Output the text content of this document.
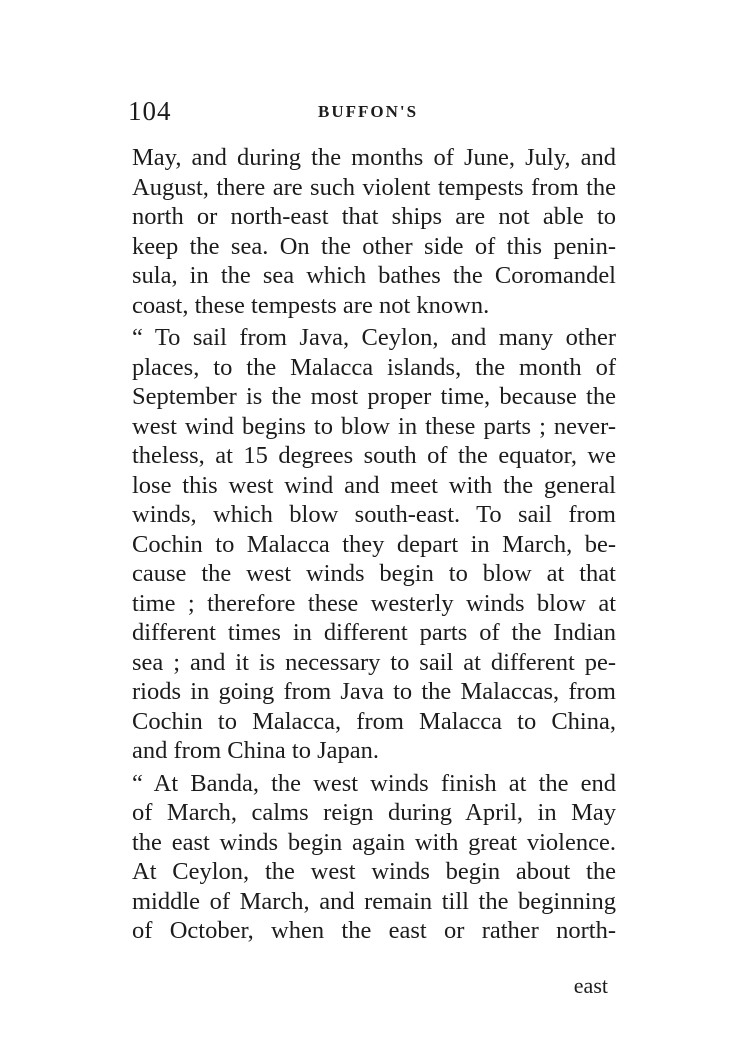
104	BUFFON'S
May, and during the months of June, July, and
August, there are such violent tempests from the
north or north-east that ships are not able to
keep the sea. On the other side of this penin-
sula, in the sea which bathes the Coromandel
coast, these tempests are not known.
“ To sail from Java, Ceylon, and many other
places, to the Malacca islands, the month of
September is the most proper time, because the
west wind begins to blow in these parts ; never-
theless, at 15 degrees south of the equator, we
lose this west wind and meet with the general
winds, which blow south-east. To sail from
Cochin to Malacca they depart in March, be-
cause the west winds begin to blow at that
time ; therefore these westerly winds blow at
different times in different parts of the Indian
sea ; and it is necessary to sail at different pe-
riods in going from Java to the Malaccas, from
Cochin to Malacca, from Malacca to China,
and from China to Japan.
“ At Banda, the west winds finish at the end
of March, calms reign during April, in May
the east winds begin again with great violence.
At Ceylon, the west winds begin about the
middle of March, and remain till the beginning
of October, when the east or rather north-
east
